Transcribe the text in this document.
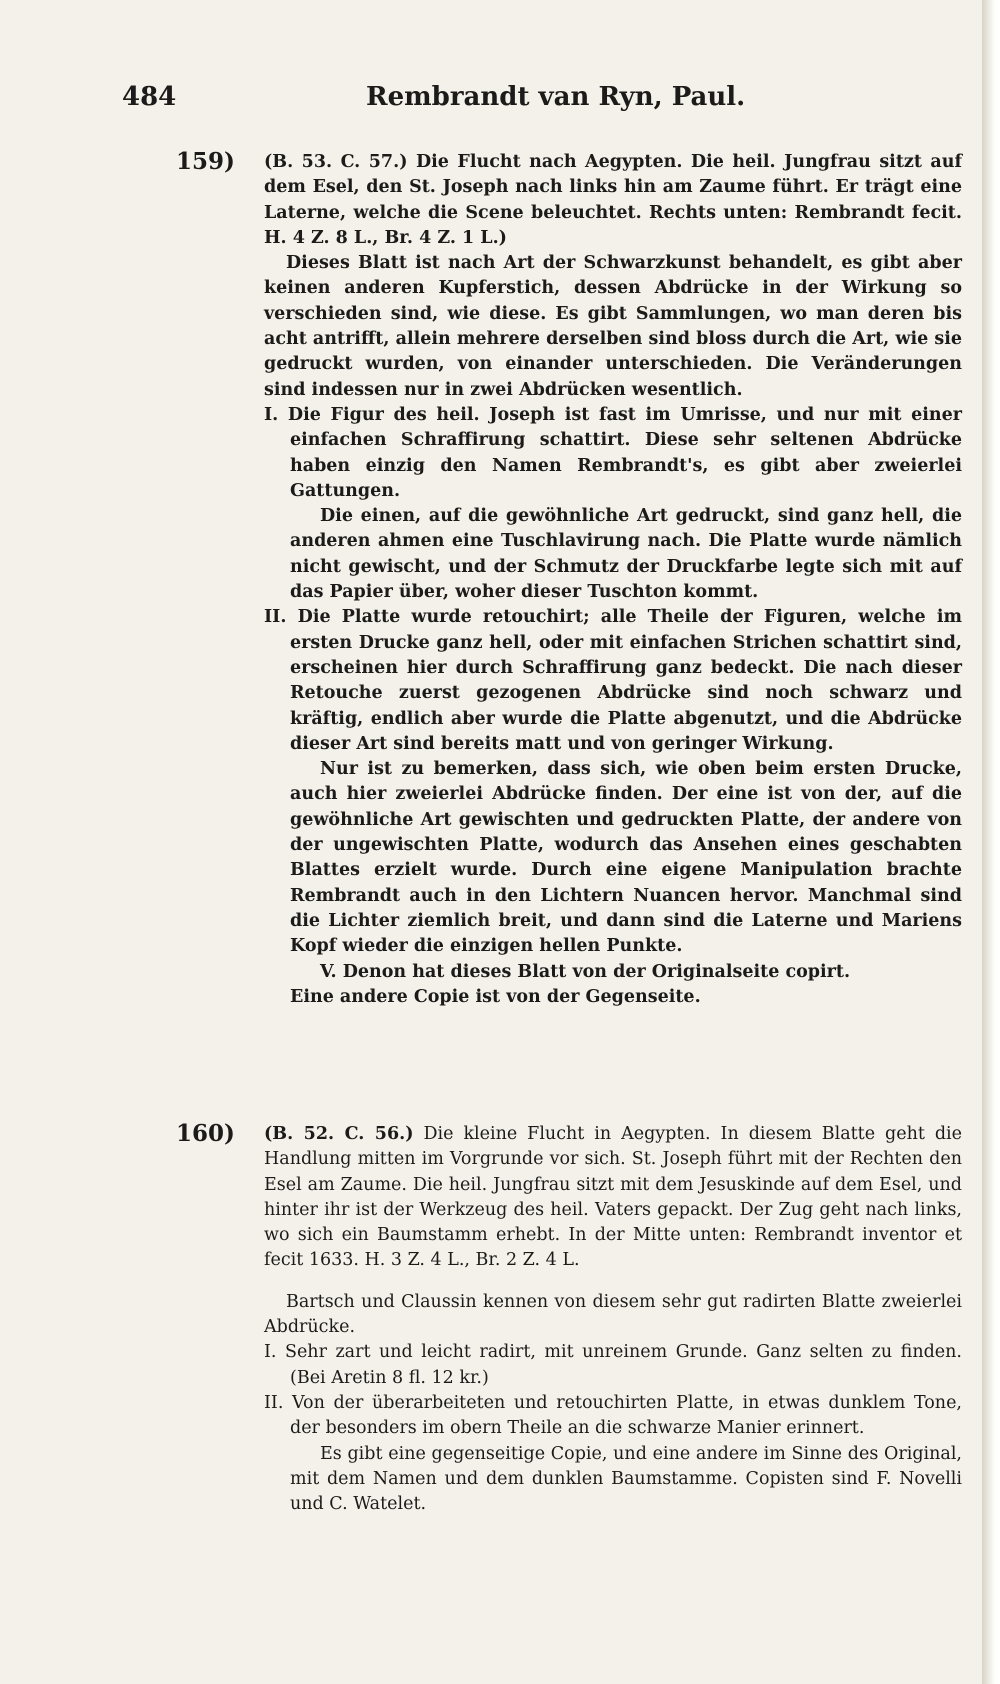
484	Rembrandt van Ryn, Paul.
159) (B. 53. C. 57.) Die Flucht nach Aegypten. Die heil. Jungfrau sitzt auf dem Esel, den St. Joseph nach links hin am Zaume führt. Er trägt eine Laterne, welche die Scene beleuchtet. Rechts unten: Rembrandt fecit. H. 4 Z. 8 L., Br. 4 Z. 1 L.)

Dieses Blatt ist nach Art der Schwarzkunst behandelt, es gibt aber keinen anderen Kupferstich, dessen Abdrücke in der Wirkung so verschieden sind, wie diese. Es gibt Sammlungen, wo man deren bis acht antrifft, allein mehrere derselben sind bloss durch die Art, wie sie gedruckt wurden, von einander unterschieden. Die Veränderungen sind indessen nur in zwei Abdrücken wesentlich.

I. Die Figur des heil. Joseph ist fast im Umrisse, und nur mit einer einfachen Schraffirung schattirt. Diese sehr seltenen Abdrücke haben einzig den Namen Rembrandt's, es gibt aber zweierlei Gattungen.

Die einen, auf die gewöhnliche Art gedruckt, sind ganz hell, die anderen ahmen eine Tuschlavirung nach. Die Platte wurde nämlich nicht gewischt, und der Schmutz der Druckfarbe legte sich mit auf das Papier über, woher dieser Tuschton kommt.

II. Die Platte wurde retouchirt; alle Theile der Figuren, welche im ersten Drucke ganz hell, oder mit einfachen Strichen schattirt sind, erscheinen hier durch Schraffirung ganz bedeckt. Die nach dieser Retouche zuerst gezogenen Abdrücke sind noch schwarz und kräftig, endlich aber wurde die Platte abgenutzt, und die Abdrücke dieser Art sind bereits matt und von geringer Wirkung.

Nur ist zu bemerken, dass sich, wie oben beim ersten Drucke, auch hier zweierlei Abdrücke finden. Der eine ist von der, auf die gewöhnliche Art gewischten und gedruckten Platte, der andere von der ungewischten Platte, wodurch das Ansehen eines geschabten Blattes erzielt wurde. Durch eine eigene Manipulation brachte Rembrandt auch in den Lichtern Nuancen hervor. Manchmal sind die Lichter ziemlich breit, und dann sind die Laterne und Mariens Kopf wieder die einzigen hellen Punkte.

V. Denon hat dieses Blatt von der Originalseite copirt.

Eine andere Copie ist von der Gegenseite.

160) (B. 52. C. 56.) Die kleine Flucht in Aegypten. In diesem Blatte geht die Handlung mitten im Vorgrunde vor sich. St. Joseph führt mit der Rechten den Esel am Zaume. Die heil. Jungfrau sitzt mit dem Jesuskinde auf dem Esel, und hinter ihr ist der Werkzeug des heil. Vaters gepackt. Der Zug geht nach links, wo sich ein Baumstamm erhebt. In der Mitte unten: Rembrandt inventor et fecit 1633. H. 3 Z. 4 L., Br. 2 Z. 4 L.

Bartsch und Claussin kennen von diesem sehr gut radirten Blatte zweierlei Abdrücke.

I. Sehr zart und leicht radirt, mit unreinem Grunde. Ganz selten zu finden. (Bei Aretin 8 fl. 12 kr.)

II. Von der überarbeiteten und retouchirten Platte, in etwas dunklem Tone, der besonders im obern Theile an die schwarze Manier erinnert.

Es gibt eine gegenseitige Copie, und eine andere im Sinne des Original, mit dem Namen und dem dunklen Baumstamme. Copisten sind F. Novelli und C. Watelet.
